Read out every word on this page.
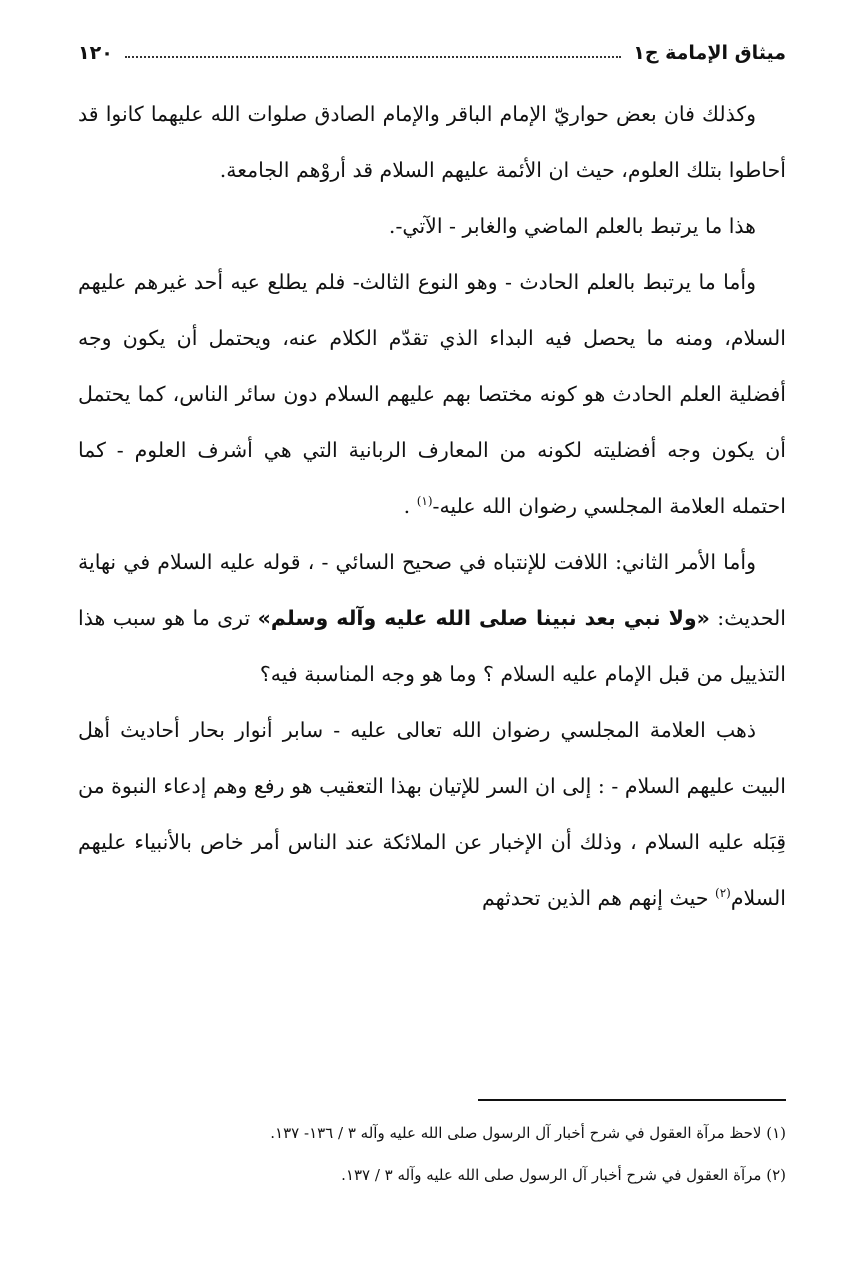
ميثاق الإمامة ج١
١٢٠

وكذلك فان بعض حواريّ الإمام الباقر والإمام الصادق صلوات الله عليهما كانوا قد أحاطوا بتلك العلوم، حيث ان الأئمة عليهم السلام قد أروْهم الجامعة.

هذا ما يرتبط بالعلم الماضي والغابر - الآتي-.

وأما ما يرتبط بالعلم الحادث - وهو النوع الثالث- فلم يطلع عيه أحد غيرهم عليهم السلام، ومنه ما يحصل فيه البداء الذي تقدّم الكلام عنه، ويحتمل أن يكون وجه أفضلية العلم الحادث هو كونه مختصا بهم عليهم السلام دون سائر الناس، كما يحتمل أن يكون وجه أفضليته لكونه من المعارف الربانية التي هي أشرف العلوم - كما احتمله العلامة المجلسي رضوان الله عليه-$^{(١)}$ .

وأما الأمر الثاني: اللافت للإنتباه في صحيح السائي - ، قوله عليه السلام في نهاية الحديث: «ولا نبي بعد نبينا صلى الله عليه وآله وسلم» ترى ما هو سبب هذا التذييل من قبل الإمام عليه السلام ؟ وما هو وجه المناسبة فيه؟

ذهب العلامة المجلسي رضوان الله تعالى عليه - سابر أنوار بحار أحاديث أهل البيت عليهم السلام - : إلى ان السر للإتيان بهذا التعقيب هو رفع وهم إدعاء النبوة من قِبَله عليه السلام ، وذلك أن الإخبار عن الملائكة عند الناس أمر خاص بالأنبياء عليهم السلام$^{(٢)}$ حيث إنهم هم الذين تحدثهم

(١) لاحظ مرآة العقول في شرح أخبار آل الرسول صلى الله عليه وآله ٣ / ١٣٦- ١٣٧.
(٢) مرآة العقول في شرح أخبار آل الرسول صلى الله عليه وآله ٣ / ١٣٧.
